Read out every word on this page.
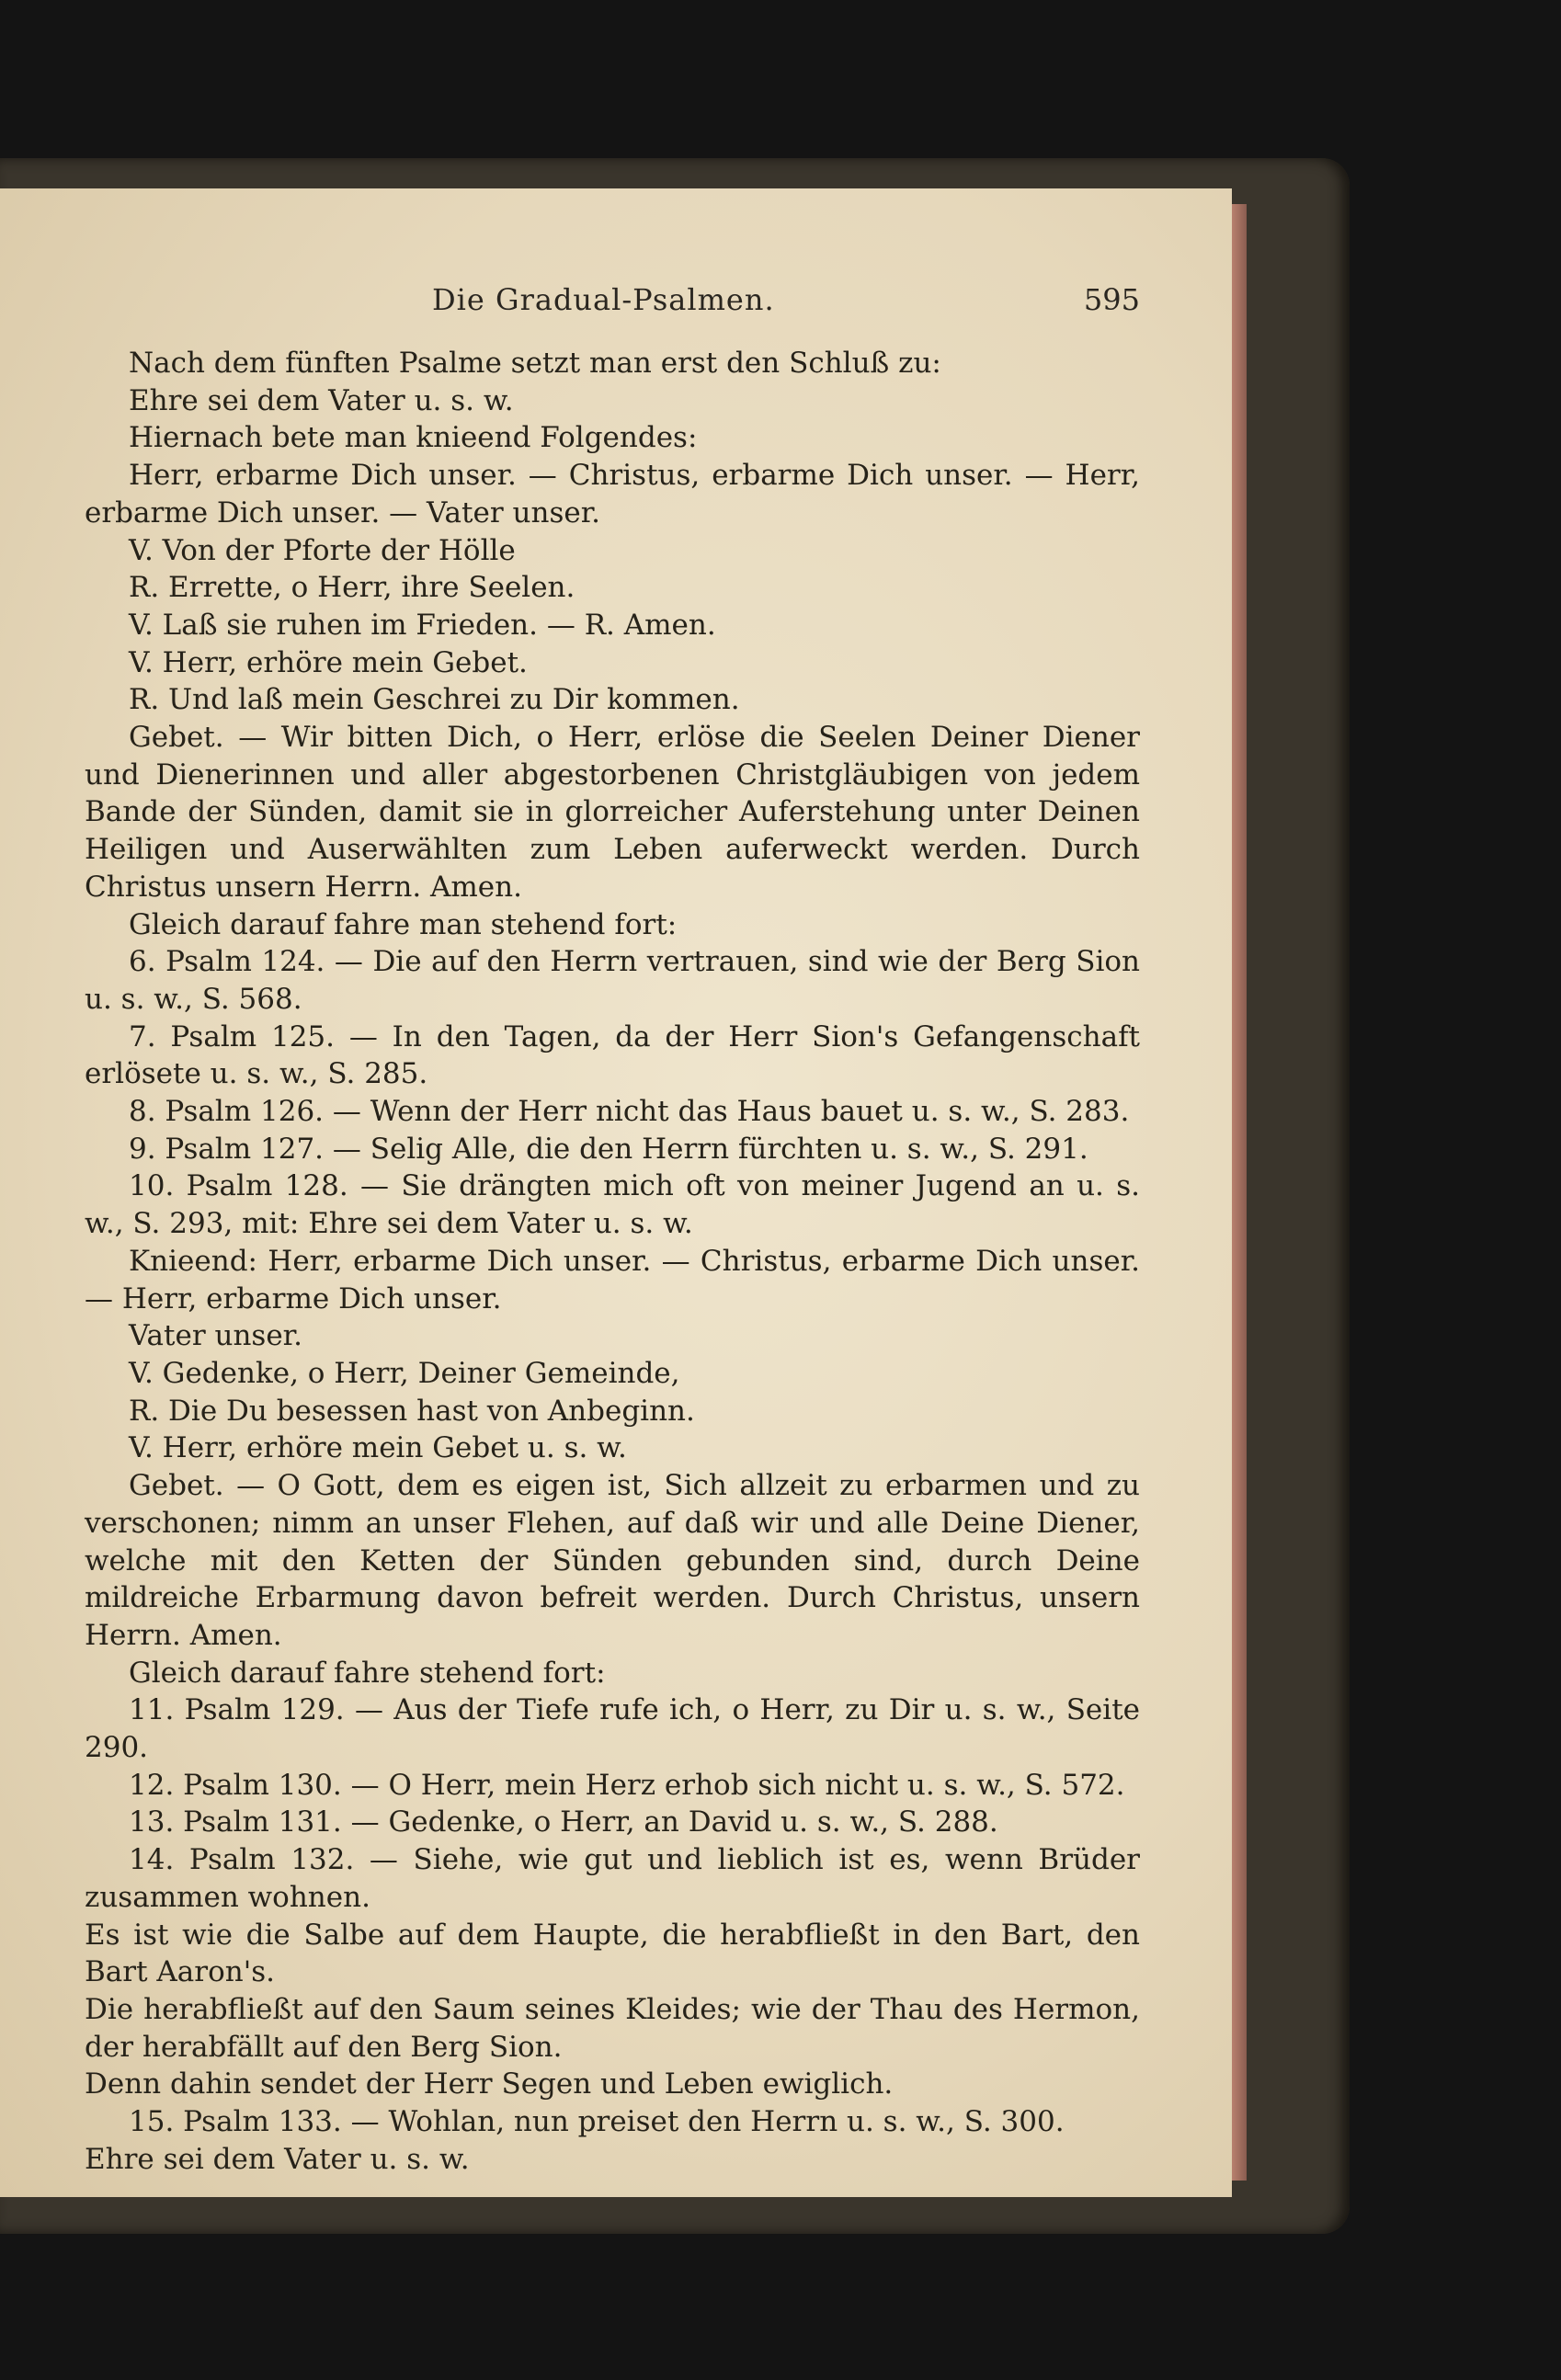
Die Gradual-Psalmen.	595

Nach dem fünften Psalme setzt man erst den Schluß zu:

Ehre sei dem Vater u. s. w.

Hiernach bete man knieend Folgendes:

Herr, erbarme Dich unser. — Christus, erbarme Dich unser. — Herr, erbarme Dich unser. — Vater unser.

V. Von der Pforte der Hölle

R. Errette, o Herr, ihre Seelen.

V. Laß sie ruhen im Frieden. — R. Amen.

V. Herr, erhöre mein Gebet.

R. Und laß mein Geschrei zu Dir kommen.

Gebet. — Wir bitten Dich, o Herr, erlöse die Seelen Deiner Diener und Dienerinnen und aller abgestorbenen Christgläubigen von jedem Bande der Sünden, damit sie in glorreicher Auferstehung unter Deinen Heiligen und Auserwählten zum Leben auferweckt werden. Durch Christus unsern Herrn. Amen.

Gleich darauf fahre man stehend fort:

6. Psalm 124. — Die auf den Herrn vertrauen, sind wie der Berg Sion u. s. w., S. 568.

7. Psalm 125. — In den Tagen, da der Herr Sion's Gefangenschaft erlösete u. s. w., S. 285.

8. Psalm 126. — Wenn der Herr nicht das Haus bauet u. s. w., S. 283.

9. Psalm 127. — Selig Alle, die den Herrn fürchten u. s. w., S. 291.

10. Psalm 128. — Sie drängten mich oft von meiner Jugend an u. s. w., S. 293, mit: Ehre sei dem Vater u. s. w.

Knieend: Herr, erbarme Dich unser. — Christus, erbarme Dich unser. — Herr, erbarme Dich unser.

Vater unser.

V. Gedenke, o Herr, Deiner Gemeinde,

R. Die Du besessen hast von Anbeginn.

V. Herr, erhöre mein Gebet u. s. w.

Gebet. — O Gott, dem es eigen ist, Sich allzeit zu erbarmen und zu verschonen; nimm an unser Flehen, auf daß wir und alle Deine Diener, welche mit den Ketten der Sünden gebunden sind, durch Deine mildreiche Erbarmung davon befreit werden. Durch Christus, unsern Herrn. Amen.

Gleich darauf fahre stehend fort:

11. Psalm 129. — Aus der Tiefe rufe ich, o Herr, zu Dir u. s. w., Seite 290.

12. Psalm 130. — O Herr, mein Herz erhob sich nicht u. s. w., S. 572.

13. Psalm 131. — Gedenke, o Herr, an David u. s. w., S. 288.

14. Psalm 132. — Siehe, wie gut und lieblich ist es, wenn Brüder zusammen wohnen.

Es ist wie die Salbe auf dem Haupte, die herabfließt in den Bart, den Bart Aaron's.

Die herabfließt auf den Saum seines Kleides; wie der Thau des Hermon, der herabfällt auf den Berg Sion.

Denn dahin sendet der Herr Segen und Leben ewiglich.

15. Psalm 133. — Wohlan, nun preiset den Herrn u. s. w., S. 300.

Ehre sei dem Vater u. s. w.
